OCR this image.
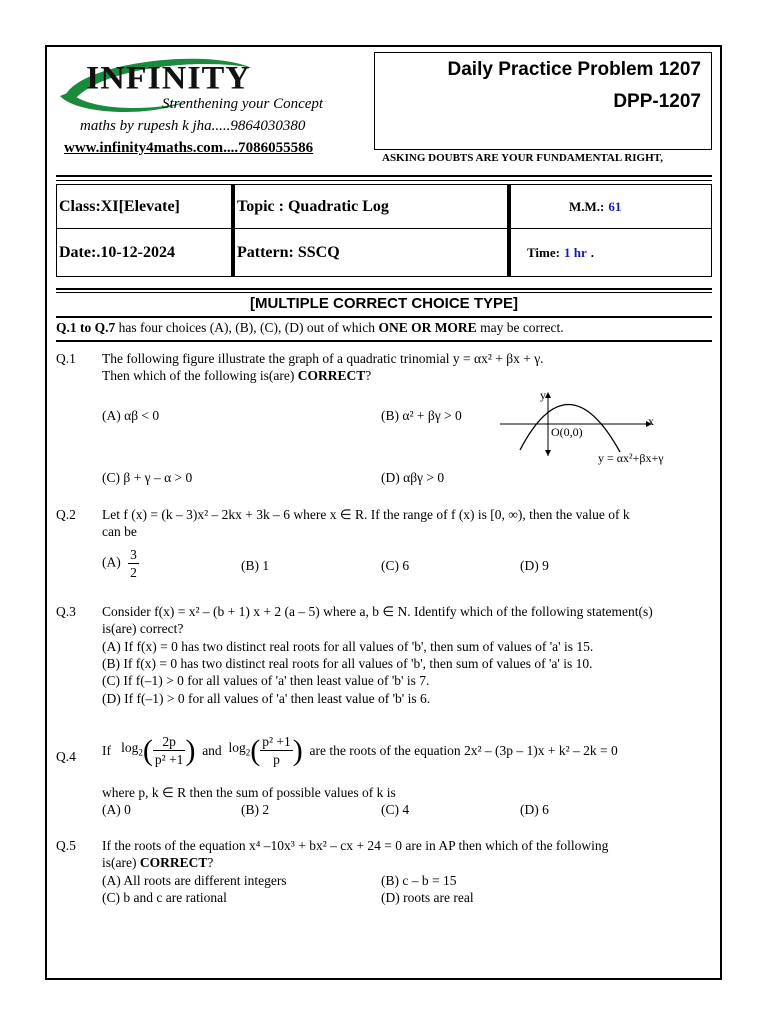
INFINITY
Strenthening your Concept
maths by rupesh k jha.....9864030380
www.infinity4maths.com....7086055586
Daily Practice Problem 1207
DPP-1207
ASKING DOUBTS ARE YOUR FUNDAMENTAL RIGHT,
Class:XI[Elevate]	Topic : Quadratic Log	M.M.: 61
Date:.10-12-2024	Pattern: SSCQ	Time: 1 hr .
[MULTIPLE CORRECT CHOICE TYPE]
Q.1 to Q.7 has four choices (A), (B), (C), (D) out of which ONE OR MORE may be correct.
Q.1 The following figure illustrate the graph of a quadratic trinomial y = αx² + βx + γ.
Then which of the following is(are) CORRECT?
(A) αβ < 0	(B) α² + βγ > 0
(C) β + γ – α > 0	(D) αβγ > 0
y
x
O(0,0)
y = αx²+βx+γ
Q.2 Let f (x) = (k – 3)x² – 2kx + 3k – 6 where x ∈ R. If the range of f (x) is [0, ∞), then the value of k
can be
$(A) \frac{3}{2}$	(B) 1	(C) 6	(D) 9
Q.3 Consider f(x) = x² – (b + 1) x + 2 (a – 5) where a, b ∈ N. Identify which of the following statement(s)
is(are) correct?
(A) If f(x) = 0 has two distinct real roots for all values of 'b', then sum of values of 'a' is 15.
(B) If f(x) = 0 has two distinct real roots for all values of 'b', then sum of values of 'a' is 10.
(C) If f(–1) > 0 for all values of 'a' then least value of 'b' is 7.
(D) If f(–1) > 0 for all values of 'a' then least value of 'b' is 6.
Q.4 If $\log_2( \frac{2p}{\text{p² +1}}$ ) and $\log_2( \frac{\text{p² +1}}{p}$ ) are the roots of the equation 2x² – (3p – 1)x + k² – 2k = 0
where p, k ∈ R then the sum of possible values of k is
(A) 0	(B) 2	(C) 4	(D) 6
Q.5 If the roots of the equation x⁴ –10x³ + bx² – cx + 24 = 0 are in AP then which of the following
is(are) CORRECT?
(A) All roots are different integers	(B) c – b = 15
(C) b and c are rational	(D) roots are real
